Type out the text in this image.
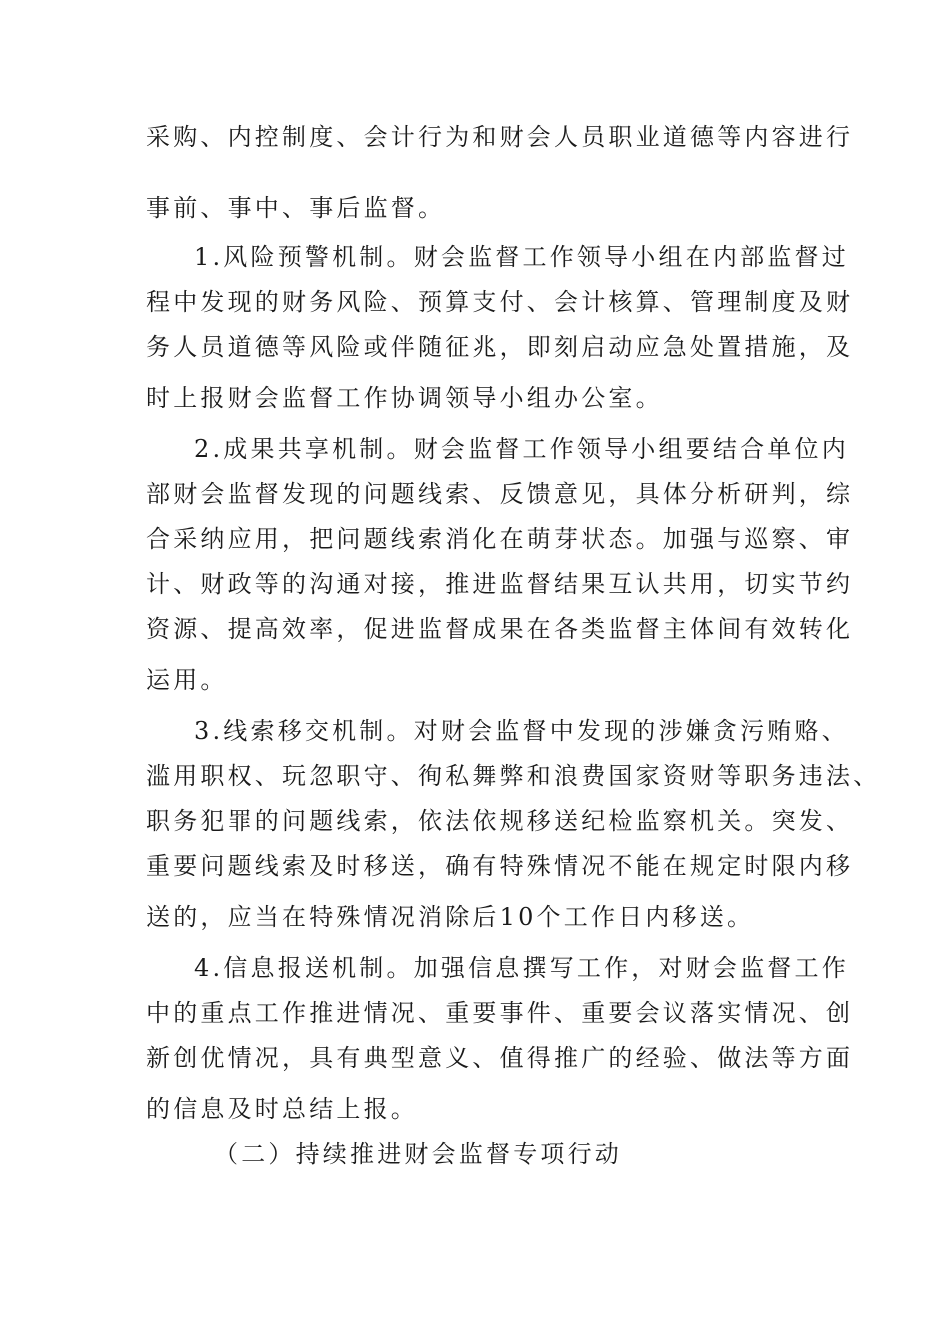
采购、内控制度、会计行为和财会人员职业道德等内容进行
事前、事中、事后监督。
1.风险预警机制。财会监督工作领导小组在内部监督过
程中发现的财务风险、预算支付、会计核算、管理制度及财
务人员道德等风险或伴随征兆，即刻启动应急处置措施，及
时上报财会监督工作协调领导小组办公室。
2.成果共享机制。财会监督工作领导小组要结合单位内
部财会监督发现的问题线索、反馈意见，具体分析研判，综
合采纳应用，把问题线索消化在萌芽状态。加强与巡察、审
计、财政等的沟通对接，推进监督结果互认共用，切实节约
资源、提高效率，促进监督成果在各类监督主体间有效转化
运用。
3.线索移交机制。对财会监督中发现的涉嫌贪污贿赂、
滥用职权、玩忽职守、徇私舞弊和浪费国家资财等职务违法、
职务犯罪的问题线索，依法依规移送纪检监察机关。突发、
重要问题线索及时移送，确有特殊情况不能在规定时限内移
送的，应当在特殊情况消除后10个工作日内移送。
4.信息报送机制。加强信息撰写工作，对财会监督工作
中的重点工作推进情况、重要事件、重要会议落实情况、创
新创优情况，具有典型意义、值得推广的经验、做法等方面
的信息及时总结上报。
（二）持续推进财会监督专项行动
